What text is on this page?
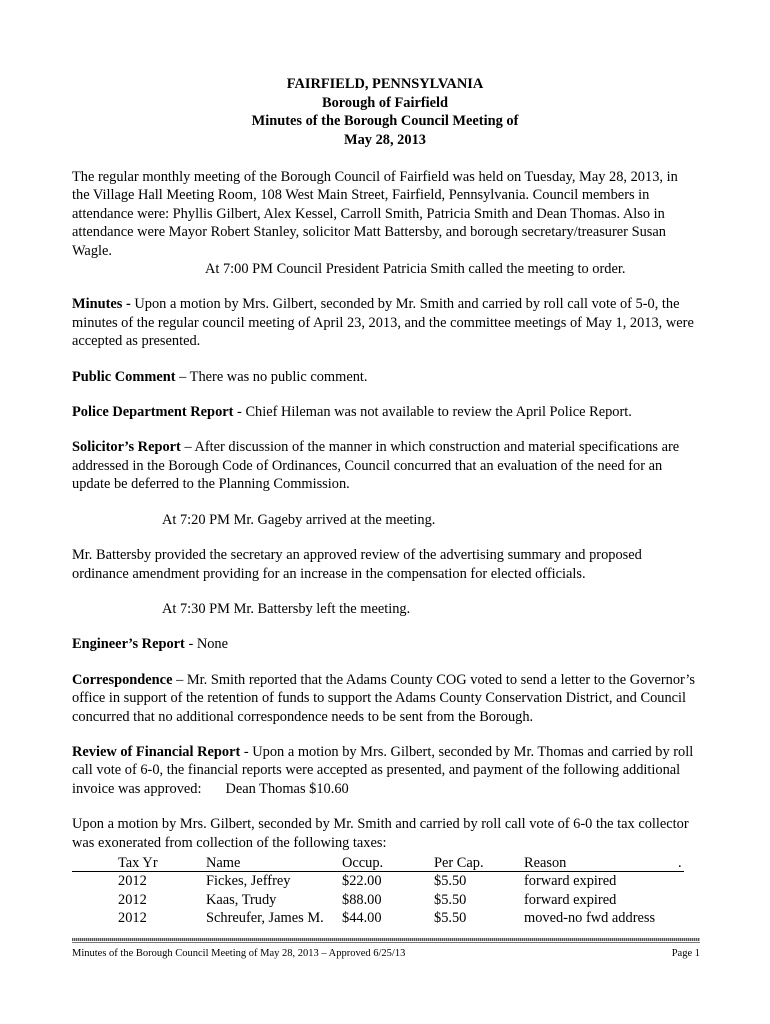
FAIRFIELD, PENNSYLVANIA
Borough of Fairfield
Minutes of the Borough Council Meeting of
May 28, 2013

The regular monthly meeting of the Borough Council of Fairfield was held on Tuesday, May 28, 2013, in the Village Hall Meeting Room, 108 West Main Street, Fairfield, Pennsylvania. Council members in attendance were: Phyllis Gilbert, Alex Kessel, Carroll Smith, Patricia Smith and Dean Thomas. Also in attendance were Mayor Robert Stanley, solicitor Matt Battersby, and borough secretary/treasurer Susan Wagle.

At 7:00 PM Council President Patricia Smith called the meeting to order.

Minutes - Upon a motion by Mrs. Gilbert, seconded by Mr. Smith and carried by roll call vote of 5-0, the minutes of the regular council meeting of April 23, 2013, and the committee meetings of May 1, 2013, were accepted as presented.

Public Comment – There was no public comment.

Police Department Report - Chief Hileman was not available to review the April Police Report.

Solicitor’s Report – After discussion of the manner in which construction and material specifications are addressed in the Borough Code of Ordinances, Council concurred that an evaluation of the need for an update be deferred to the Planning Commission.

At 7:20 PM Mr. Gageby arrived at the meeting.

Mr. Battersby provided the secretary an approved review of the advertising summary and proposed ordinance amendment providing for an increase in the compensation for elected officials.

At 7:30 PM Mr. Battersby left the meeting.

Engineer’s Report - None

Correspondence – Mr. Smith reported that the Adams County COG voted to send a letter to the Governor’s office in support of the retention of funds to support the Adams County Conservation District, and Council concurred that no additional correspondence needs to be sent from the Borough.

Review of Financial Report - Upon a motion by Mrs. Gilbert, seconded by Mr. Thomas and carried by roll call vote of 6-0, the financial reports were accepted as presented, and payment of the following additional invoice was approved: Dean Thomas $10.60

Upon a motion by Mrs. Gilbert, seconded by Mr. Smith and carried by roll call vote of 6-0 the tax collector was exonerated from collection of the following taxes:

Tax Yr	Name	Occup.	Per Cap.	Reason	.
2012	Fickes, Jeffrey	$22.00	$5.50	forward expired
2012	Kaas, Trudy	$88.00	$5.50	forward expired
2012	Schreufer, James M. $44.00	$5.50	moved-no fwd address
Minutes of the Borough Council Meeting of May 28, 2013 – Approved 6/25/13	Page 1
